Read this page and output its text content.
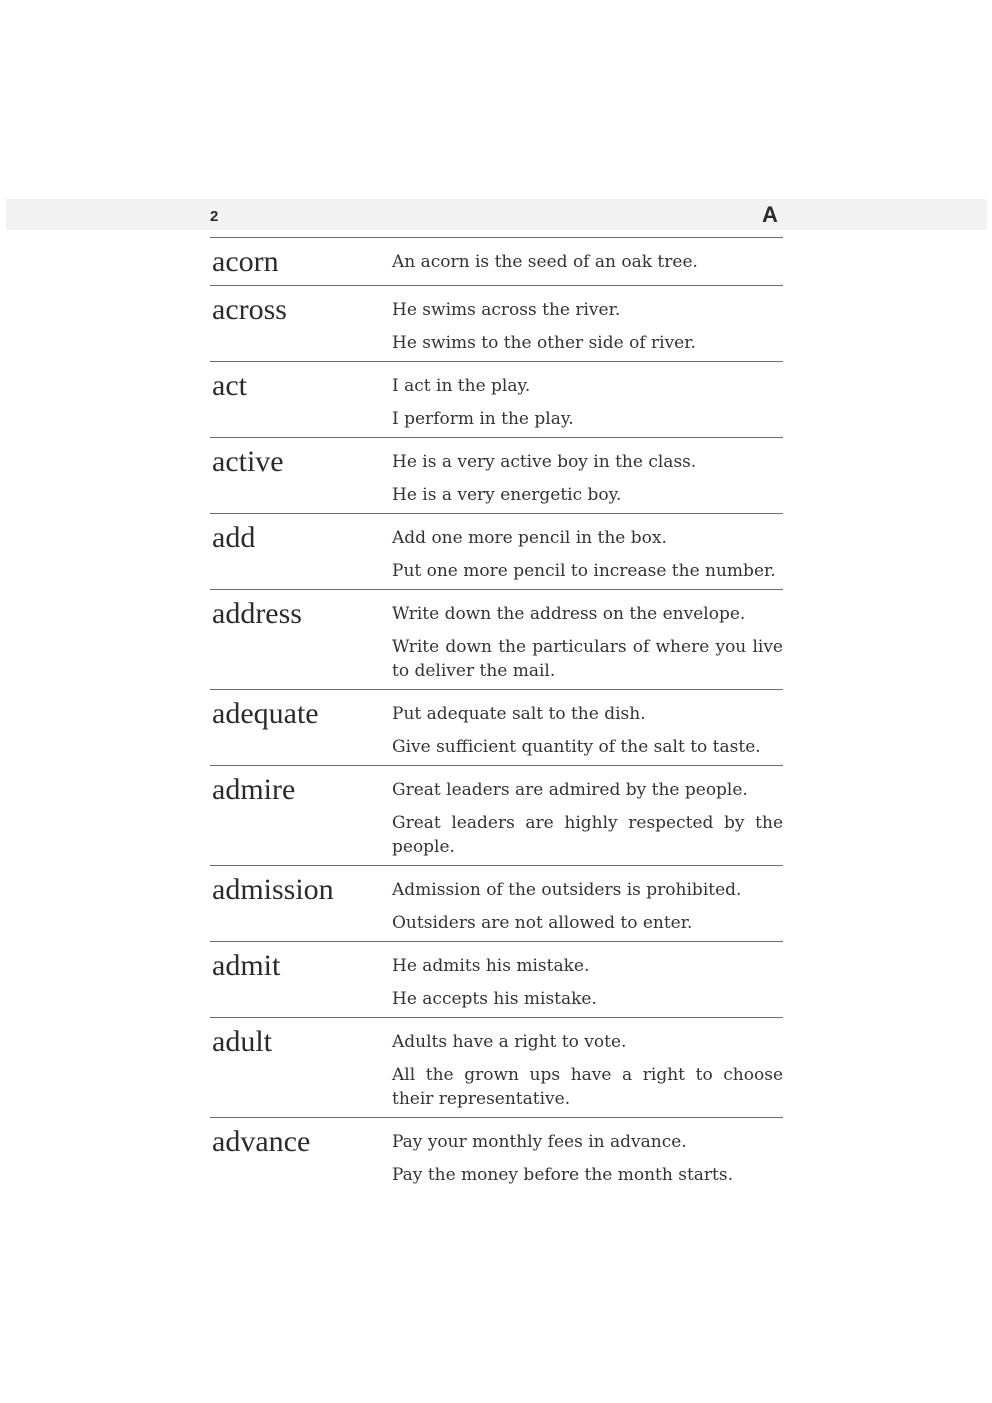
2	A
acorn	An acorn is the seed of an oak tree.
across	He swims across the river.
He swims to the other side of river.
act	I act in the play.
I perform in the play.
active	He is a very active boy in the class.
He is a very energetic boy.
add	Add one more pencil in the box.
Put one more pencil to increase the number.
address	Write down the address on the envelope.
Write down the particulars of where you live to deliver the mail.
adequate	Put adequate salt to the dish.
Give sufficient quantity of the salt to taste.
admire	Great leaders are admired by the people.
Great leaders are highly respected by the people.
admission	Admission of the outsiders is prohibited.
Outsiders are not allowed to enter.
admit	He admits his mistake.
He accepts his mistake.
adult	Adults have a right to vote.
All the grown ups have a right to choose their representative.
advance	Pay your monthly fees in advance.
Pay the money before the month starts.
